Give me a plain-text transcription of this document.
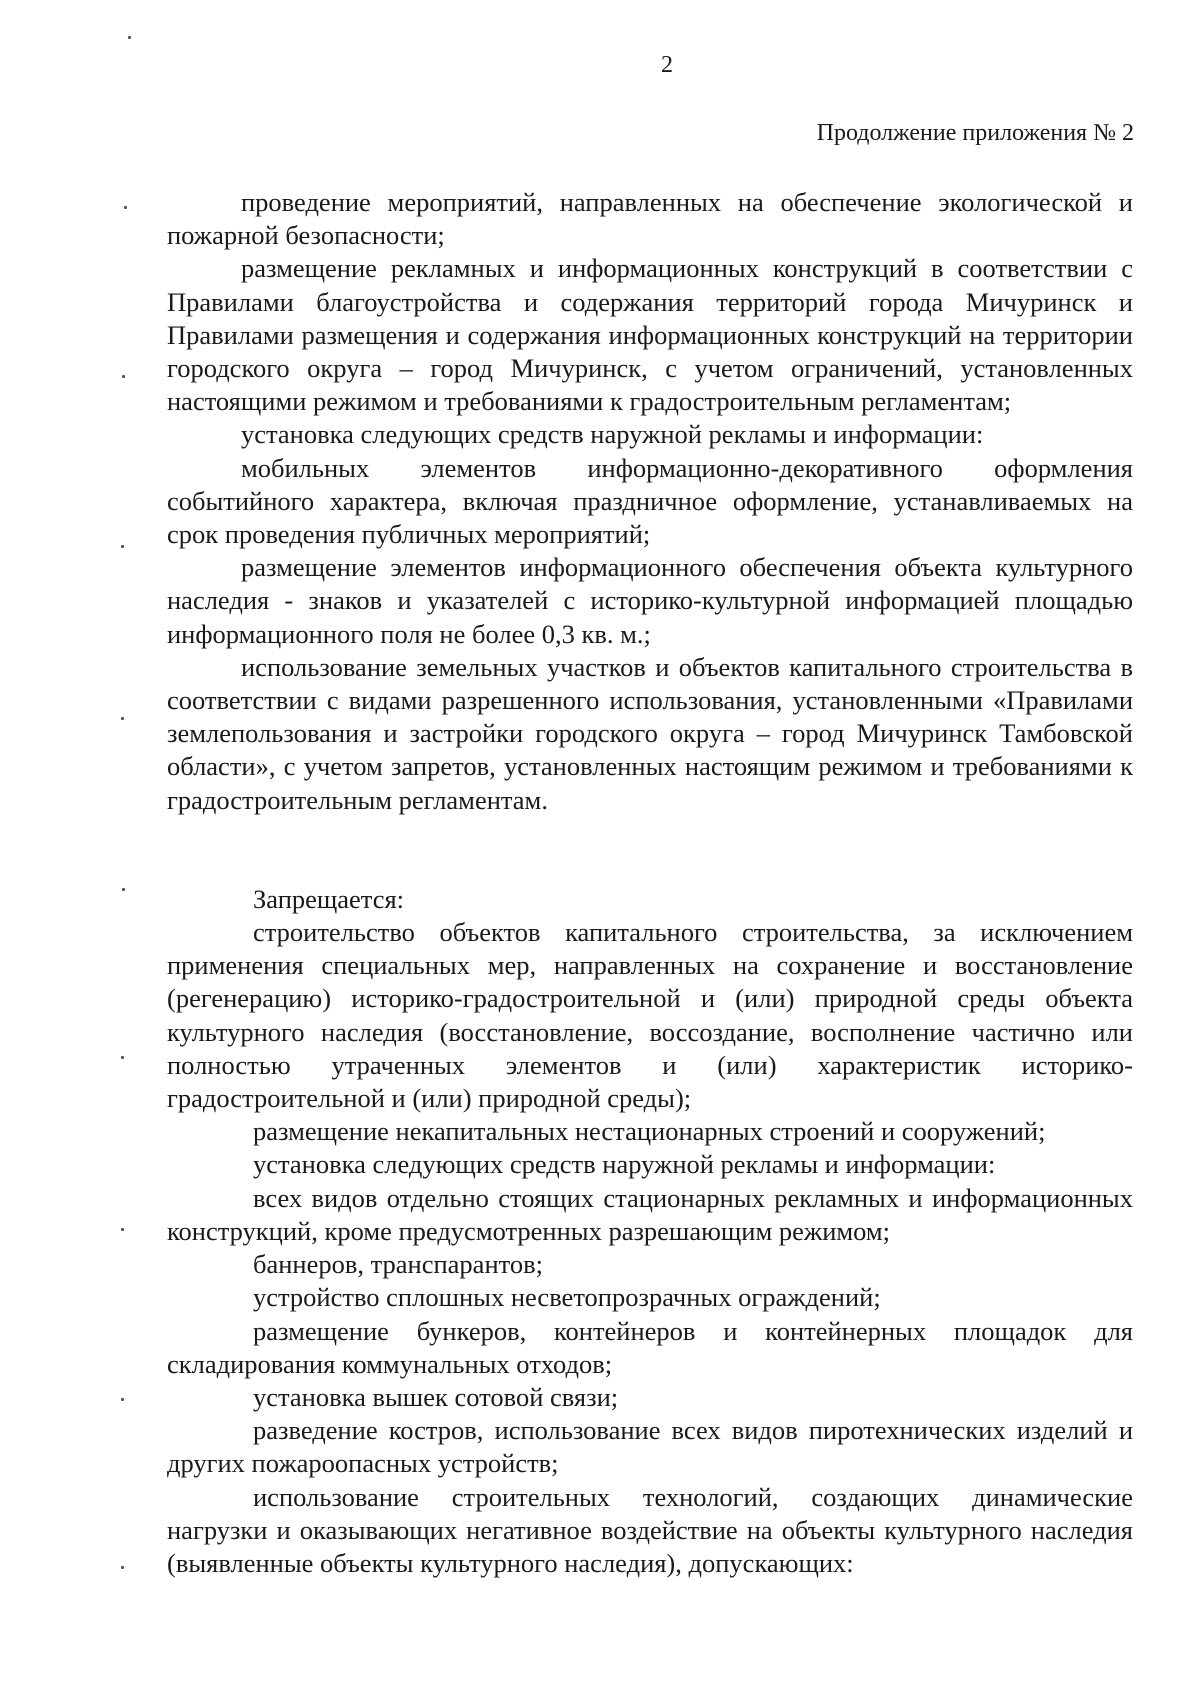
2
Продолжение приложения № 2

проведение мероприятий, направленных на обеспечение экологической и пожарной безопасности;

размещение рекламных и информационных конструкций в соответствии с Правилами благоустройства и содержания территорий города Мичуринск и Правилами размещения и содержания информационных конструкций на территории городского округа – город Мичуринск, с учетом ограничений, установленных настоящими режимом и требованиями к градостроительным регламентам;

установка следующих средств наружной рекламы и информации:

мобильных элементов информационно-декоративного оформления событийного характера, включая праздничное оформление, устанавливаемых на срок проведения публичных мероприятий;

размещение элементов информационного обеспечения объекта культурного наследия - знаков и указателей с историко-культурной информацией площадью информационного поля не более 0,3 кв. м.;

использование земельных участков и объектов капитального строительства в соответствии с видами разрешенного использования, установленными «Правилами землепользования и застройки городского округа – город Мичуринск Тамбовской области», с учетом запретов, установленных настоящим режимом и требованиями к градостроительным регламентам.

Запрещается:

строительство объектов капитального строительства, за исключением применения специальных мер, направленных на сохранение и восстановление (регенерацию) историко-градостроительной и (или) природной среды объекта культурного наследия (восстановление, воссоздание, восполнение частично или полностью утраченных элементов и (или) характеристик историко-градостроительной и (или) природной среды);

размещение некапитальных нестационарных строений и сооружений;

установка следующих средств наружной рекламы и информации:

всех видов отдельно стоящих стационарных рекламных и информационных конструкций, кроме предусмотренных разрешающим режимом;

баннеров, транспарантов;

устройство сплошных несветопрозрачных ограждений;

размещение бункеров, контейнеров и контейнерных площадок для складирования коммунальных отходов;

установка вышек сотовой связи;

разведение костров, использование всех видов пиротехнических изделий и других пожароопасных устройств;

использование строительных технологий, создающих динамические нагрузки и оказывающих негативное воздействие на объекты культурного наследия (выявленные объекты культурного наследия), допускающих:
